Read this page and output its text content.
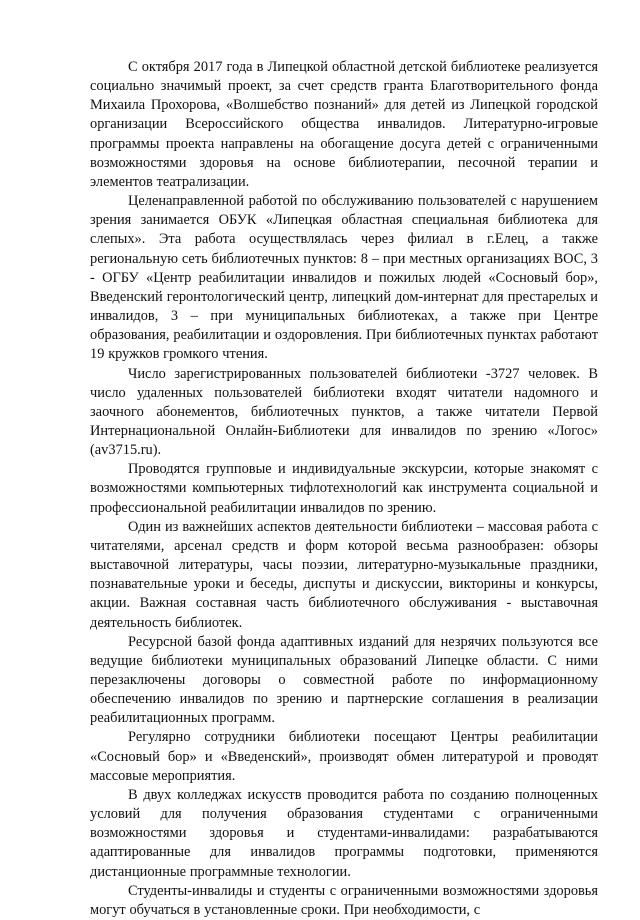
С октября 2017 года в Липецкой областной детской библиотеке реализуется социально значимый проект, за счет средств гранта Благотворительного фонда Михаила Прохорова, «Волшебство познаний» для детей из Липецкой городской организации Всероссийского общества инвалидов. Литературно-игровые программы проекта направлены на обогащение досуга детей с ограниченными возможностями здоровья на основе библиотерапии, песочной терапии и элементов театрализации.

Целенаправленной работой по обслуживанию пользователей с нарушением зрения занимается ОБУК «Липецкая областная специальная библиотека для слепых». Эта работа осуществлялась через филиал в г.Елец, а также региональную сеть библиотечных пунктов: 8 – при местных организациях ВОС, 3 - ОГБУ «Центр реабилитации инвалидов и пожилых людей «Сосновый бор», Введенский геронтологический центр, липецкий дом-интернат для престарелых и инвалидов, 3 – при муниципальных библиотеках, а также при Центре образования, реабилитации и оздоровления. При библиотечных пунктах работают 19 кружков громкого чтения.

Число зарегистрированных пользователей библиотеки -3727 человек. В число удаленных пользователей библиотеки входят читатели надомного и заочного абонементов, библиотечных пунктов, а также читатели Первой Интернациональной Онлайн-Библиотеки для инвалидов по зрению «Логос» (av3715.ru).

Проводятся групповые и индивидуальные экскурсии, которые знакомят с возможностями компьютерных тифлотехнологий как инструмента социальной и профессиональной реабилитации инвалидов по зрению.

Один из важнейших аспектов деятельности библиотеки – массовая работа с читателями, арсенал средств и форм которой весьма разнообразен: обзоры выставочной литературы, часы поэзии, литературно-музыкальные праздники, познавательные уроки и беседы, диспуты и дискуссии, викторины и конкурсы, акции. Важная составная часть библиотечного обслуживания - выставочная деятельность библиотек.

Ресурсной базой фонда адаптивных изданий для незрячих пользуются все ведущие библиотеки муниципальных образований Липецке области. С ними перезаключены договоры о совместной работе по информационному обеспечению инвалидов по зрению и партнерские соглашения в реализации реабилитационных программ.

Регулярно сотрудники библиотеки посещают Центры реабилитации «Сосновый бор» и «Введенский», производят обмен литературой и проводят массовые мероприятия.

В двух колледжах искусств проводится работа по созданию полноценных условий для получения образования студентами с ограниченными возможностями здоровья и студентами-инвалидами: разрабатываются адаптированные для инвалидов программы подготовки, применяются дистанционные программные технологии.

Студенты-инвалиды и студенты с ограниченными возможностями здоровья могут обучаться в установленные сроки. При необходимости, с
